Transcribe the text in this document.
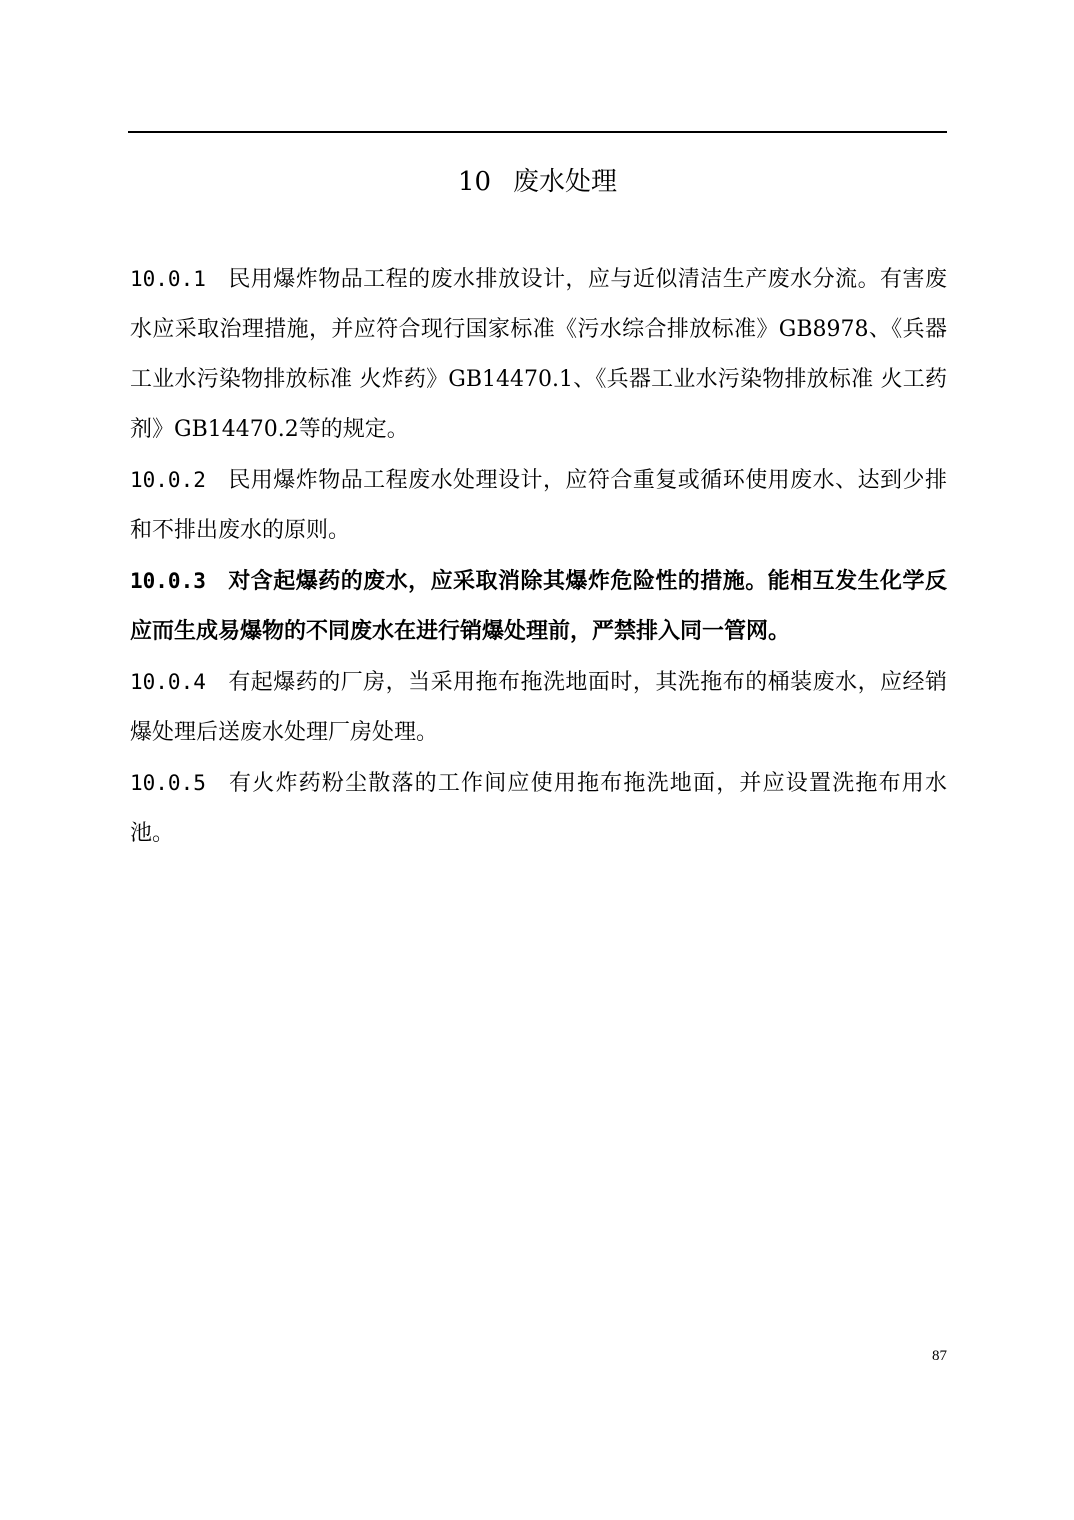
10 废水处理

10.0.1 民用爆炸物品工程的废水排放设计，应与近似清洁生产废水分流。有害废水应采取治理措施，并应符合现行国家标准《污水综合排放标准》GB8978、《兵器工业水污染物排放标准 火炸药》GB14470.1、《兵器工业水污染物排放标准 火工药剂》GB14470.2等的规定。

10.0.2 民用爆炸物品工程废水处理设计，应符合重复或循环使用废水、达到少排和不排出废水的原则。

10.0.3 对含起爆药的废水，应采取消除其爆炸危险性的措施。能相互发生化学反应而生成易爆物的不同废水在进行销爆处理前，严禁排入同一管网。

10.0.4 有起爆药的厂房，当采用拖布拖洗地面时，其洗拖布的桶装废水，应经销爆处理后送废水处理厂房处理。

10.0.5 有火炸药粉尘散落的工作间应使用拖布拖洗地面，并应设置洗拖布用水池。

87
